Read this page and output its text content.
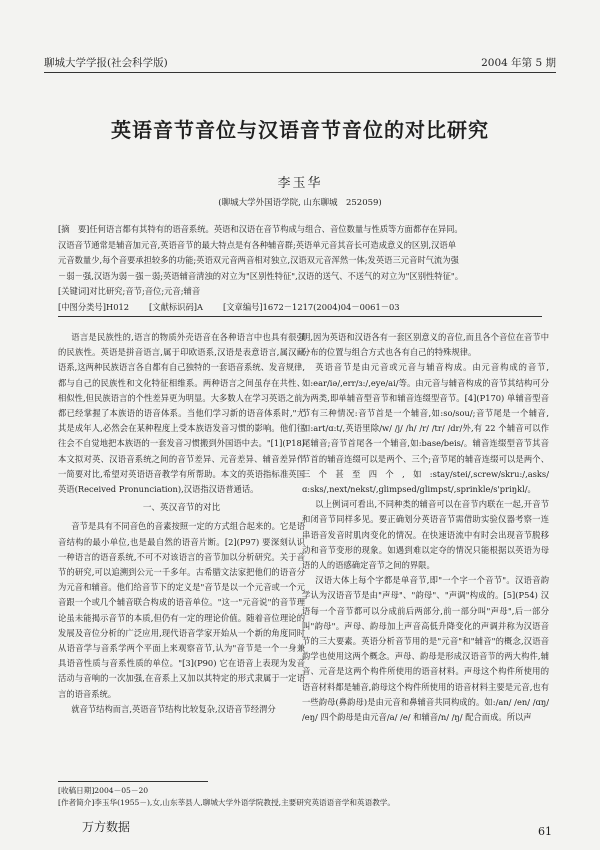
聊城大学学报(社会科学版)	2004 年第 5 期
英语音节音位与汉语音节音位的对比研究
李玉华
(聊城大学外国语学院, 山东聊城　252059)

[摘　要]任何语言都有其特有的语音系统。英语和汉语在音节构成与组合、音位数量与性质等方面都存在异同。

汉语音节通常是辅音加元音,英语音节的最大特点是有各种辅音群;英语单元音其音长可造成意义的区别,汉语单

元音数量少,每个音要承担较多的功能;英语双元音两音相对独立,汉语双元音浑然一体;发英语三元音时气流为强

－弱－强,汉语为弱－强－弱;英语辅音清浊的对立为"区别性特征",汉语的送气、不送气的对立为"区别性特征"。

[关键词]对比研究;音节;音位;元音;辅音

[中图分类号]H012 [文献标识码]A [文章编号]1672－1217(2004)04－0061－03

语言是民族性的,语言的物质外壳语音在各种语言中也具有很强的民族性。英语是拼音语言,属于印欧语系,汉语是表意语言,属汉藏语系,这两种民族语言各自都有自己独特的一套语音系统、发音规律,都与自己的民族性和文化特征相维系。两种语言之间虽存在共性、相似性,但民族语言的个性差异更为明显。大多数人在学习英语之前,都已经掌握了本族语的语音体系。当他们学习新的语音体系时,"尤其是成年人,必然会在某种程度上受本族语发音习惯的影响。他们往往会不自觉地把本族语的一套发音习惯搬到外国语中去。"[1](P18) 本文拟对英、汉语音系统之间的音节差异、元音差异、辅音差异作一简要对比,希望对英语语音教学有所帮助。本文的英语指标准英国英语(Received Pronunciation),汉语指汉语普通话。

一、英汉音节的对比

音节是具有不同音色的音素按照一定的方式组合起来的。它是语音结构的最小单位,也是最自然的语音片断。[2](P97) 要深刻认识一种语言的语音系统,不可不对该语言的音节加以分析研究。关于音节的研究,可以追溯到公元一千多年。古希腊文法家把他们的语音分为元音和辅音。他们给音节下的定义是"音节是以一个元音或一个元音跟一个或几个辅音联合构成的语音单位。"这一"元音说"的音节理论虽未能揭示音节的本质,但仍有一定的理论价值。随着音位理论的发展及音位分析的广泛应用,现代语音学家开始从一个新的角度同时从语音学与音系学两个平面上来观察音节,认为"音节是一个一身兼具语音性质与音系性质的单位。"[3](P90) 它在语音上表现为发音活动与音响的一次加强,在音系上又加以其特定的形式隶属于一定语言的语音系统。

就音节结构而言,英语音节结构比较复杂,汉语音节经渭分

明,因为英语和汉语各有一套区别意义的音位,而且各个音位在音节中分布的位置与组合方式也各有自己的特殊规律。

英语音节是由元音或元音与辅音构成。由元音构成的音节,如:ear/iə/,err/ɜ:/,eye/ai/等。由元音与辅音构成的音节其结构可分为两类,即单辅音型音节和辅音连缀型音节。[4](P170) 单辅音型音节有三种情况:音节首是一个辅音,如:so/sou/;音节尾是一个辅音,如:art/ɑ:t/,英语里除/w/ /j/ /h/ /r/ /tr/ /dr/外,有 22 个辅音可以作尾辅音;音节首尾各一个辅音,如:base/beis/。辅音连缀型音节其音节首的辅音连缀可以是两个、三个;音节尾的辅音连缀可以是两个、三个甚至四个,如:stay/stei/,screw/skru:/,asks/ɑ:sks/,next/nekst/,glimpsed/glimpst/,sprinkle/s'priŋkl/。

以上例词可看出,不同种类的辅音可以在音节内联在一起,开音节和闭音节同样多见。要正确划分英语音节需借助实验仪器考察一连串语音发音时肌肉变化的情况。在快速语流中有时会出现音节脱移动和音节变形的现象。如遇到难以定夺的情况只能根据以英语为母语的人的语感确定音节之间的界限。

汉语大体上每个字都是单音节,即"一个字一个音节"。汉语音韵学认为汉语音节是由"声母"、"韵母"、"声调"构成的。[5](P54) 汉语每一个音节都可以分成前后两部分,前一部分叫"声母",后一部分叫"韵母"。声母、韵母加上声音高低升降变化的声调并称为汉语音节的三大要素。英语分析音节用的是"元音"和"辅音"的概念,汉语音韵学也使用这两个概念。声母、韵母是形成汉语音节的两大构件,辅音、元音是这两个构件所使用的语音材料。声母这个构件所使用的语音材料都是辅音,韵母这个构件所使用的语音材料主要是元音,也有一些韵母(鼻韵母)是由元音和鼻辅音共同构成的。如:/an/ /en/ /ɑŋ/ /eŋ/ 四个韵母是由元音/a/ /e/ 和辅音/n/ /ŋ/ 配合而成。所以声

[收稿日期]2004－05－20
[作者简介]李玉华(1955－),女,山东莘县人,聊城大学外语学院教授,主要研究英语语音学和英语教学。
万方数据	61
